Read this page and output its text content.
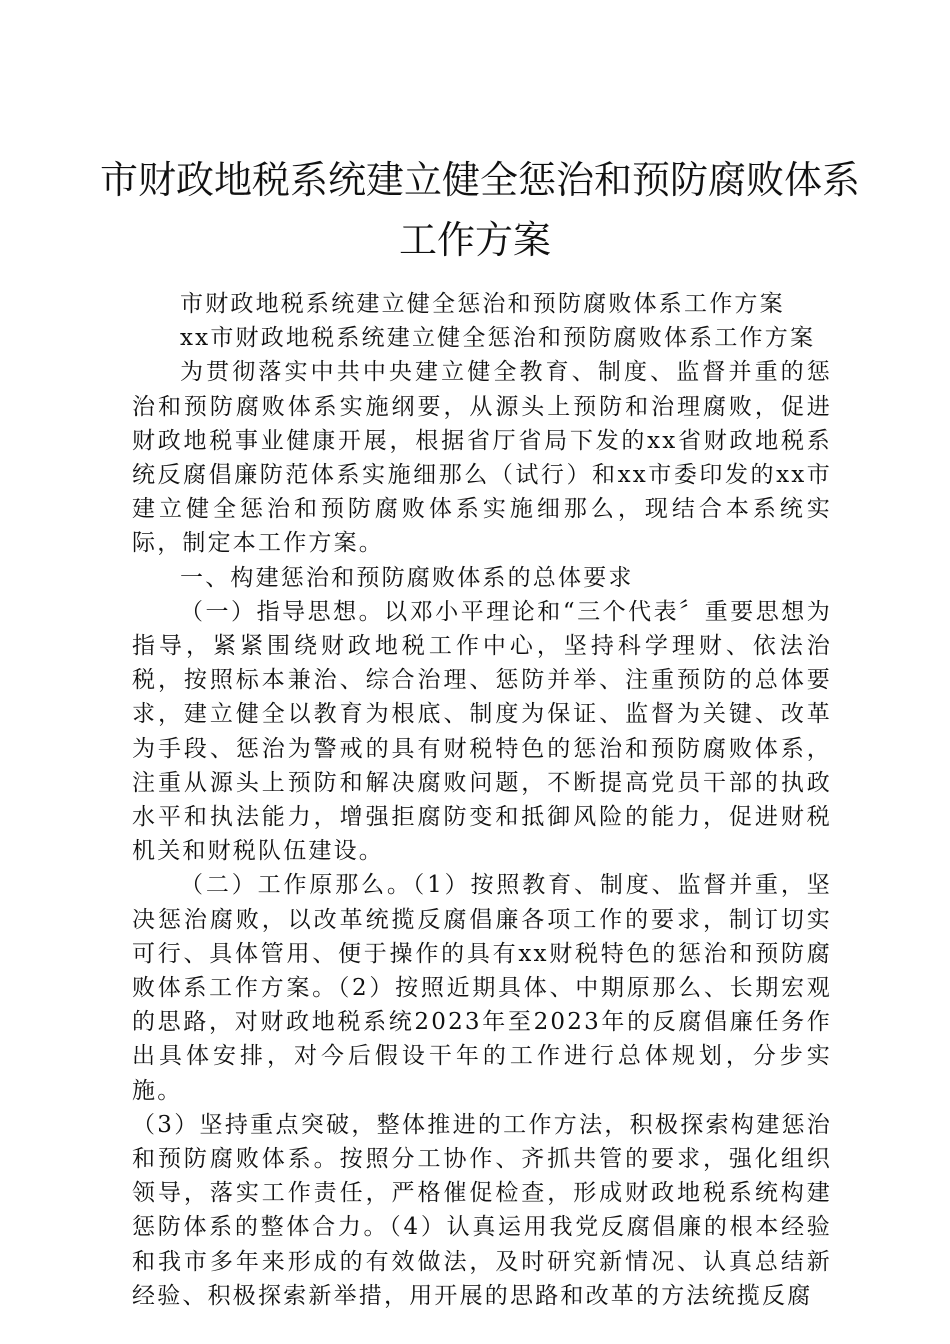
市财政地税系统建立健全惩治和预防腐败体系
工作方案

市财政地税系统建立健全惩治和预防腐败体系工作方案

xx市财政地税系统建立健全惩治和预防腐败体系工作方案

为贯彻落实中共中央建立健全教育、制度、监督并重的惩治和预防腐败体系实施纲要，从源头上预防和治理腐败，促进财政地税事业健康开展，根据省厅省局下发的xx省财政地税系统反腐倡廉防范体系实施细那么（试行）和xx市委印发的xx市建立健全惩治和预防腐败体系实施细那么，现结合本系统实际，制定本工作方案。

一、构建惩治和预防腐败体系的总体要求

（一）指导思想。以邓小平理论和“三个代表〞重要思想为指导，紧紧围绕财政地税工作中心，坚持科学理财、依法治税，按照标本兼治、综合治理、惩防并举、注重预防的总体要求，建立健全以教育为根底、制度为保证、监督为关键、改革为手段、惩治为警戒的具有财税特色的惩治和预防腐败体系，注重从源头上预防和解决腐败问题，不断提高党员干部的执政水平和执法能力，增强拒腐防变和抵御风险的能力，促进财税机关和财税队伍建设。

（二）工作原那么。（1）按照教育、制度、监督并重，坚决惩治腐败，以改革统揽反腐倡廉各项工作的要求，制订切实可行、具体管用、便于操作的具有xx财税特色的惩治和预防腐败体系工作方案。（2）按照近期具体、中期原那么、长期宏观的思路，对财政地税系统2023年至2023年的反腐倡廉任务作出具体安排，对今后假设干年的工作进行总体规划，分步实施。

（3）坚持重点突破，整体推进的工作方法，积极探索构建惩治和预防腐败体系。按照分工协作、齐抓共管的要求，强化组织领导，落实工作责任，严格催促检查，形成财政地税系统构建惩防体系的整体合力。（4）认真运用我党反腐倡廉的根本经验和我市多年来形成的有效做法，及时研究新情况、认真总结新经验、积极探索新举措，用开展的思路和改革的方法统揽反腐
